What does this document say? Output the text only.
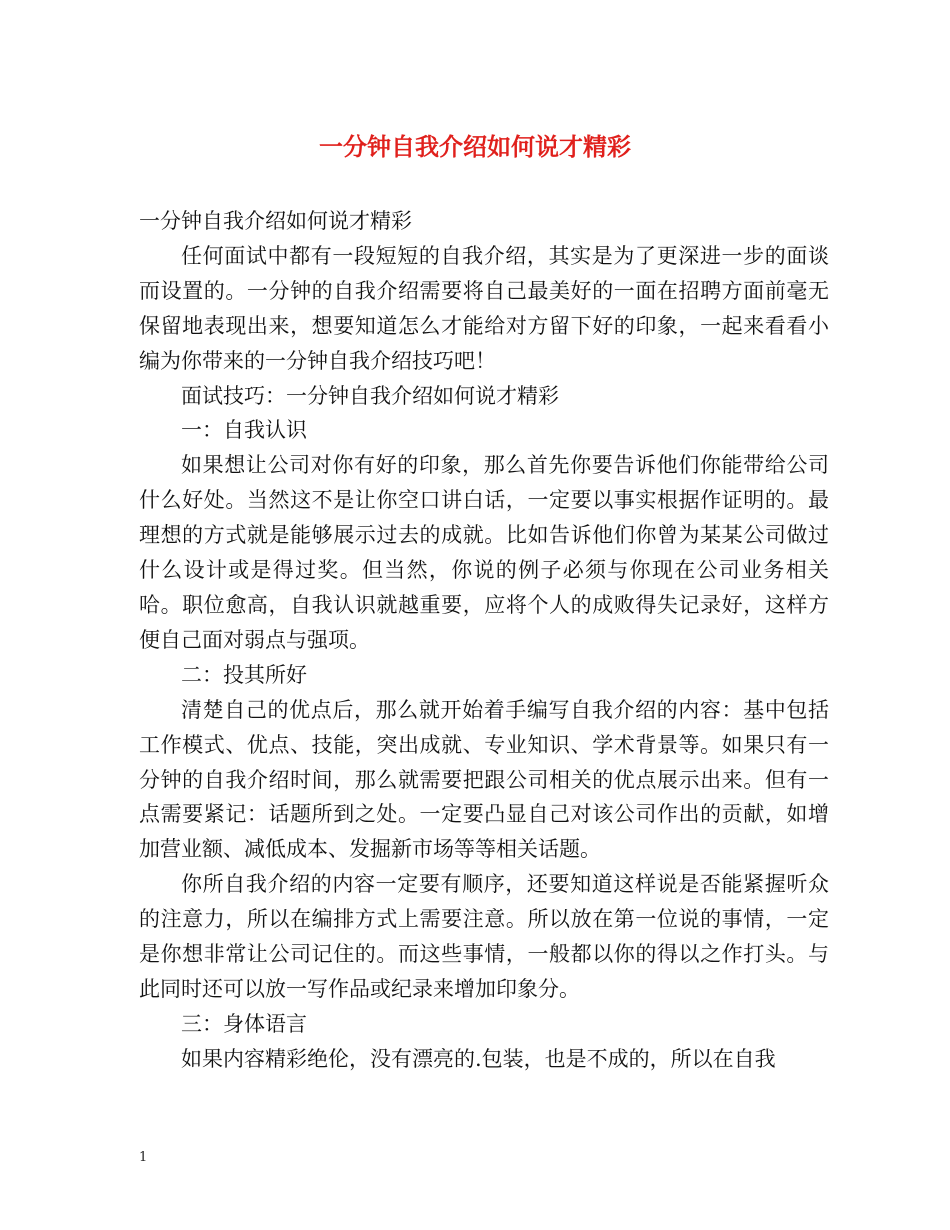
一分钟自我介绍如何说才精彩

一分钟自我介绍如何说才精彩

任何面试中都有一段短短的自我介绍，其实是为了更深进一步的面谈而设置的。一分钟的自我介绍需要将自己最美好的一面在招聘方面前毫无保留地表现出来，想要知道怎么才能给对方留下好的印象，一起来看看小编为你带来的一分钟自我介绍技巧吧！

面试技巧：一分钟自我介绍如何说才精彩

一：自我认识

如果想让公司对你有好的印象，那么首先你要告诉他们你能带给公司什么好处。当然这不是让你空口讲白话，一定要以事实根据作证明的。最理想的方式就是能够展示过去的成就。比如告诉他们你曾为某某公司做过什么设计或是得过奖。但当然，你说的例子必须与你现在公司业务相关哈。职位愈高，自我认识就越重要，应将个人的成败得失记录好，这样方便自己面对弱点与强项。

二：投其所好

清楚自己的优点后，那么就开始着手编写自我介绍的内容：基中包括工作模式、优点、技能，突出成就、专业知识、学术背景等。如果只有一分钟的自我介绍时间，那么就需要把跟公司相关的优点展示出来。但有一点需要紧记：话题所到之处。一定要凸显自己对该公司作出的贡献，如增加营业额、减低成本、发掘新市场等等相关话题。

你所自我介绍的内容一定要有顺序，还要知道这样说是否能紧握听众的注意力，所以在编排方式上需要注意。所以放在第一位说的事情，一定是你想非常让公司记住的。而这些事情，一般都以你的得以之作打头。与此同时还可以放一写作品或纪录来增加印象分。

三：身体语言

如果内容精彩绝伦，没有漂亮的.包装，也是不成的，所以在自我

1
